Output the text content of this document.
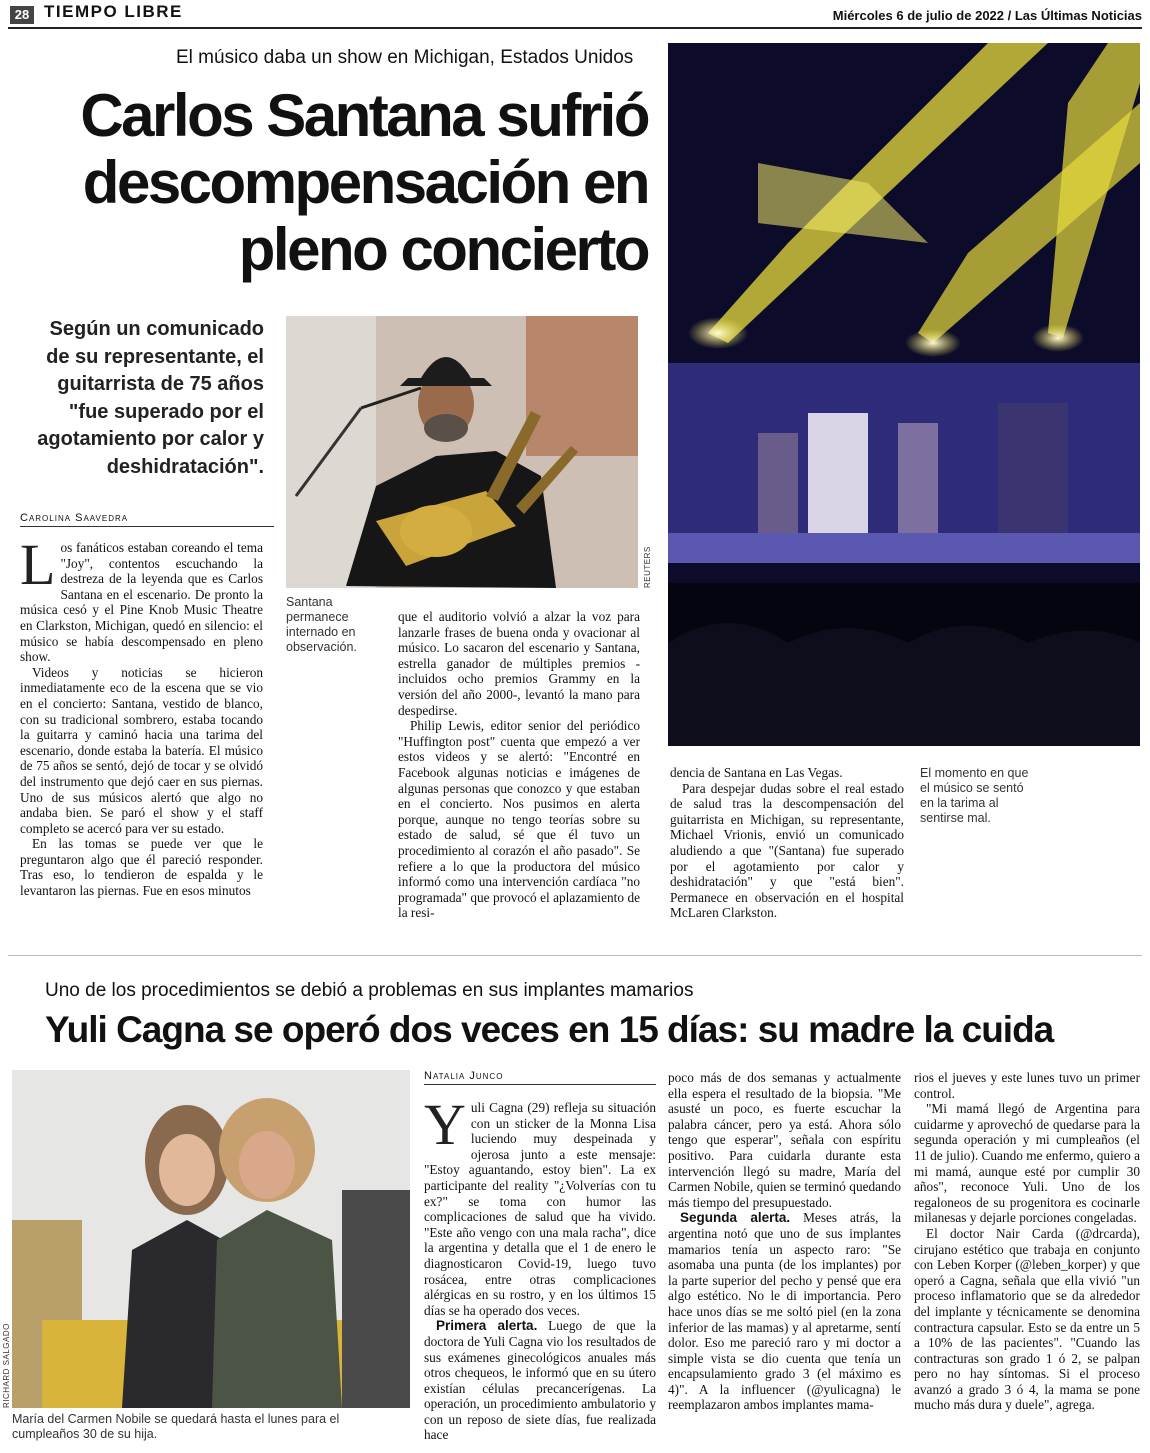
28 TIEMPO LIBRE	Miércoles 6 de julio de 2022 / Las Últimas Noticias
El músico daba un show en Michigan, Estados Unidos
Carlos Santana sufrió descompensación en pleno concierto
Según un comunicado de su representante, el guitarrista de 75 años "fue superado por el agotamiento por calor y deshidratación".
Carolina Saavedra
L os fanáticos estaban coreando el tema "Joy", contentos escuchando la destreza de la leyenda que es Carlos Santana en el escenario. De pronto la música cesó y el Pine Knob Music Theatre en Clarkston, Michigan, quedó en silencio: el músico se había descompensado en pleno show.

Videos y noticias se hicieron inmediatamente eco de la escena que se vio en el concierto: Santana, vestido de blanco, con su tradicional sombrero, estaba tocando la guitarra y caminó hacia una tarima del escenario, donde estaba la batería. El músico de 75 años se sentó, dejó de tocar y se olvidó del instrumento que dejó caer en sus piernas. Uno de sus músicos alertó que algo no andaba bien. Se paró el show y el staff completo se acercó para ver su estado.

En las tomas se puede ver que le preguntaron algo que él pareció responder. Tras eso, lo tendieron de espalda y le levantaron las piernas. Fue en esos minutos

Santana permanece internado en observación.
REUTERS

que el auditorio volvió a alzar la voz para lanzarle frases de buena onda y ovacionar al músico. Lo sacaron del escenario y Santana, estrella ganador de múltiples premios -incluidos ocho premios Grammy en la versión del año 2000-, levantó la mano para despedirse.

Philip Lewis, editor senior del periódico "Huffington post" cuenta que empezó a ver estos videos y se alertó: "Encontré en Facebook algunas noticias e imágenes de algunas personas que conozco y que estaban en el concierto. Nos pusimos en alerta porque, aunque no tengo teorías sobre su estado de salud, sé que él tuvo un procedimiento al corazón el año pasado". Se refiere a lo que la productora del músico informó como una intervención cardíaca "no programada" que provocó el aplazamiento de la resi-

dencia de Santana en Las Vegas.

Para despejar dudas sobre el real estado de salud tras la descompensación del guitarrista en Michigan, su representante, Michael Vrionis, envió un comunicado aludiendo a que "(Santana) fue superado por el agotamiento por calor y deshidratación" y que "está bien". Permanece en observación en el hospital McLaren Clarkston.

El momento en que el músico se sentó en la tarima al sentirse mal.
Uno de los procedimientos se debió a problemas en sus implantes mamarios
Yuli Cagna se operó dos veces en 15 días: su madre la cuida
RICHARD SALGADO
María del Carmen Nobile se quedará hasta el lunes para el cumpleaños 30 de su hija.
Natalia Junco
Y uli Cagna (29) refleja su situación con un sticker de la Monna Lisa luciendo muy despeinada y ojerosa junto a este mensaje: "Estoy aguantando, estoy bien". La ex participante del reality "¿Volverías con tu ex?" se toma con humor las complicaciones de salud que ha vivido. "Este año vengo con una mala racha", dice la argentina y detalla que el 1 de enero le diagnosticaron Covid-19, luego tuvo rosácea, entre otras complicaciones alérgicas en su rostro, y en los últimos 15 días se ha operado dos veces.

Primera alerta. Luego de que la doctora de Yuli Cagna vio los resultados de sus exámenes ginecológicos anuales más otros chequeos, le informó que en su útero existían células precancerígenas. La operación, un procedimiento ambulatorio y con un reposo de siete días, fue realizada hace

poco más de dos semanas y actualmente ella espera el resultado de la biopsia. "Me asusté un poco, es fuerte escuchar la palabra cáncer, pero ya está. Ahora sólo tengo que esperar", señala con espíritu positivo. Para cuidarla durante esta intervención llegó su madre, María del Carmen Nobile, quien se terminó quedando más tiempo del presupuestado.

Segunda alerta. Meses atrás, la argentina notó que uno de sus implantes mamarios tenía un aspecto raro: "Se asomaba una punta (de los implantes) por la parte superior del pecho y pensé que era algo estético. No le di importancia. Pero hace unos días se me soltó piel (en la zona inferior de las mamas) y al apretarme, sentí dolor. Eso me pareció raro y mi doctor a simple vista se dio cuenta que tenía un encapsulamiento grado 3 (el máximo es 4)". A la influencer (@yulicagna) le reemplazaron ambos implantes mama-

rios el jueves y este lunes tuvo un primer control.

"Mi mamá llegó de Argentina para cuidarme y aprovechó de quedarse para la segunda operación y mi cumpleaños (el 11 de julio). Cuando me enfermo, quiero a mi mamá, aunque esté por cumplir 30 años", reconoce Yuli. Uno de los regaloneos de su progenitora es cocinarle milanesas y dejarle porciones congeladas.

El doctor Nair Carda (@drcarda), cirujano estético que trabaja en conjunto con Leben Korper (@leben_korper) y que operó a Cagna, señala que ella vivió "un proceso inflamatorio que se da alrededor del implante y técnicamente se denomina contractura capsular. Esto se da entre un 5 a 10% de las pacientes". "Cuando las contracturas son grado 1 ó 2, se palpan pero no hay síntomas. Si el proceso avanzó a grado 3 ó 4, la mama se pone mucho más dura y duele", agrega.
